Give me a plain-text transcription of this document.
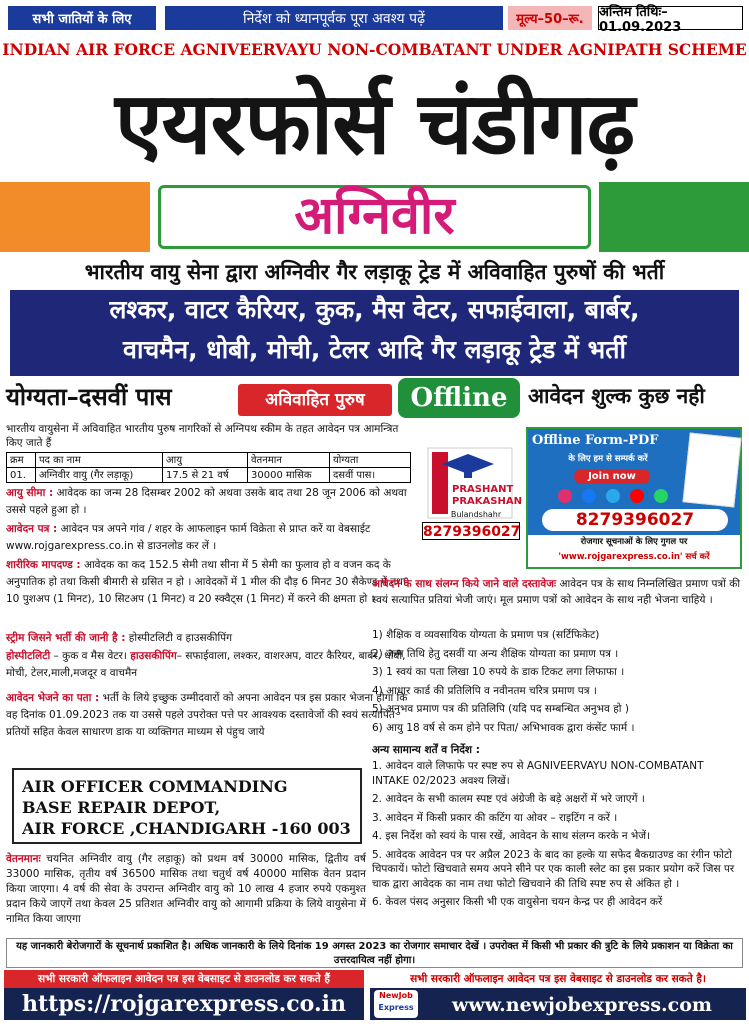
सभी जातियों के लिए	निर्देश को ध्यानपूर्वक पूरा अवश्य पढ़ें	मूल्य–50–रू.	अन्तिम तिथिः–01.09.2023
INDIAN AIR FORCE AGNIVEERVAYU NON-COMBATANT UNDER AGNIPATH SCHEME
एयरफोर्स चंडीगढ़
अग्निवीर
भारतीय वायु सेना द्वारा अग्निवीर गैर लड़ाकू ट्रेड में अविवाहित पुरुषों की भर्ती
लश्कर, वाटर कैरियर, कुक, मैस वेटर, सफाईवाला, बार्बर,
वाचमैन, धोबी, मोची, टेलर आदि गैर लड़ाकू ट्रेड में भर्ती
योग्यता–दसवीं पास	अविवाहित पुरुष	Offline आवेदन शुल्क कुछ नही
भारतीय वायुसेना में अविवाहित भारतीय पुरुष नागरिकों से अग्निपथ स्कीम के तहत आवेदन पत्र आमन्त्रित किए जाते हैं
क्रम	पद का नाम	आयु	वेतनमान	योग्यता
01.	अग्निवीर वायु (गैर लड़ाकू)	17.5 से 21 वर्ष	30000 मासिक	दसवीं पास।
आयु सीमा : आवेदक का जन्म 28 दिसम्बर 2002 को अथवा उसके बाद तथा 28 जून 2006 को अथवा उससे पहले हुआ हो ।
आवेदन पत्र : आवेदन पत्र अपने गांव / शहर के आफलाइन फार्म विक्रेता से प्राप्त करें या वेबसाईट www.rojgarexpress.co.in से डाउनलोड कर लें ।
शारीरिक मापदण्ड : आवेदक का कद 152.5 सेमी तथा सीना में 5 सेमी का फुलाव हो व वजन कद के अनुपातिक हो तथा किसी बीमारी से ग्रसित न हो । आवेदकों में 1 मील की दौड़ 6 मिनट 30 सैकेण्ड में तथा 10 पुशअप (1 मिनट), 10 सिटअप (1 मिनट) व 20 स्क्वैट्स (1 मिनट) में करने की क्षमता हो ।
स्ट्रीम जिसने भर्ती की जानी है : होस्पीटलिटी व हाउसकीपिंग
होस्पीटलिटी – कुक व मैस वेटर। हाउसकीपिंग– सफाईवाला, लश्कर, वाशरअप, वाटर कैरियर, बार्बर, धोबी, मोची, टेलर,माली,मजदूर व वाचमैन
आवेदन भेजने का पता : भर्ती के लिये इच्छुक उम्मीदवारों को अपना आवेदन पत्र इस प्रकार भेजना होगा कि वह दिनांक 01.09.2023 तक या उससे पहले उपरोक्त पत्ते पर आवश्यक दस्तावेजों की स्वयं सत्यापित प्रतियों सहित केवल साधारण डाक या व्यक्तिगत माध्यम से पंहुच जाये
AIR OFFICER COMMANDING
BASE REPAIR DEPOT,
AIR FORCE ,CHANDIGARH -160 003
वेतनमानः चयनित अग्निवीर वायु (गैर लड़ाकू) को प्रथम वर्ष 30000 मासिक, द्वितीय वर्ष 33000 मासिक, तृतीय वर्ष 36500 मासिक तथा चतुर्थ वर्ष 40000 मासिक वेतन प्रदान किया जाएगा। 4 वर्ष की सेवा के उपरान्त अग्निवीर वायु को 10 लाख 4 हजार रुपये एकमुश्त प्रदान किये जाएगें तथा केवल 25 प्रतिशत अग्निवीर वायु को आगामी प्रक्रिया के लिये वायुसेना में नामित किया जाएगा
PRASHANT
PRAKASHAN
Bulandshahr
8279396027
Offline Form-PDF
के लिए हम से सम्पर्क करें
Join now
8279396027
रोजगार सूचनाओं के लिए गुगल पर
'www.rojgarexpress.co.in' सर्च करें
आवेदन के साथ संलग्न किये जाने वाले दस्तावेजः आवेदन पत्र के साथ निम्नलिखित प्रमाण पत्रों की स्वयं सत्यापित प्रतियां भेजी जाएं। मूल प्रमाण पत्रों को आवेदन के साथ नही भेजना चाहिये ।
1) शैक्षिक व व्यवसायिक योग्यता के प्रमाण पत्र (सर्टिफिकेट)
2) जन्म तिथि हेतु दसवीं या अन्य शैक्षिक योग्यता का प्रमाण पत्र ।
3) 1 स्वयं का पता लिखा 10 रुपये के डाक टिकट लगा लिफाफा ।
4) आधार कार्ड की प्रतिलिपि व नवीनतम चरित्र प्रमाण पत्र ।
5) अनुभव प्रमाण पत्र की प्रतिलिपि (यदि पद सम्बन्धित अनुभव हो )
6) आयु 18 वर्ष से कम होने पर पिता/ अभिभावक द्वारा कंसेंट फार्म ।
अन्य सामान्य शर्तें व निर्देश :
1. आवेदन वाले लिफाफे पर स्पष्ट रुप से AGNIVEERVAYU NON-COMBATANT INTAKE 02/2023 अवश्य लिखें।
2. आवेदन के सभी कालम स्पष्ट एवं अंग्रेजी के बड़े अक्षरों में भरे जाएगें ।
3. आवेदन में किसी प्रकार की कटिंग या ओवर – राइटिंग न करें ।
4. इस निर्देश को स्वयं के पास रखें, आवेदन के साथ संलग्न करके न भेजें।
5. आवेदक आवेदन पत्र पर अप्रैल 2023 के बाद का हल्के या सफेद बैकग्राउण्ड का रंगीन फोटो चिपकायें। फोटो खिचवाते समय अपने सीने पर एक काली स्लेट का इस प्रकार प्रयोग करें जिस पर चाक द्वारा आवेदक का नाम तथा फोटो खिचवाने की तिथि स्पष्ट रुप से अंकित हो ।
6. केवल पंसद अनुसार किसी भी एक वायुसेना चयन केन्द्र पर ही आवेदन करें
यह जानकारी बेरोजगारों के सूचनार्थ प्रकाशित है। अधिक जानकारी के लिये दिनांक 19 अगस्त 2023 का रोजगार समाचार देखें । उपरोक्त में किसी भी प्रकार की त्रुटि के लिये प्रकाशन या विक्रेता का उत्तरदायित्व नहीं होगा।
सभी सरकारी ऑफलाइन आवेदन पत्र इस वेबसाइट से डाउनलोड कर सकते हैं
https://rojgarexpress.co.in
सभी सरकारी ऑफलाइन आवेदन पत्र इस वेबसाइट से डाउनलोड कर सकते है।
NewJob
Express	www.newjobexpress.com
